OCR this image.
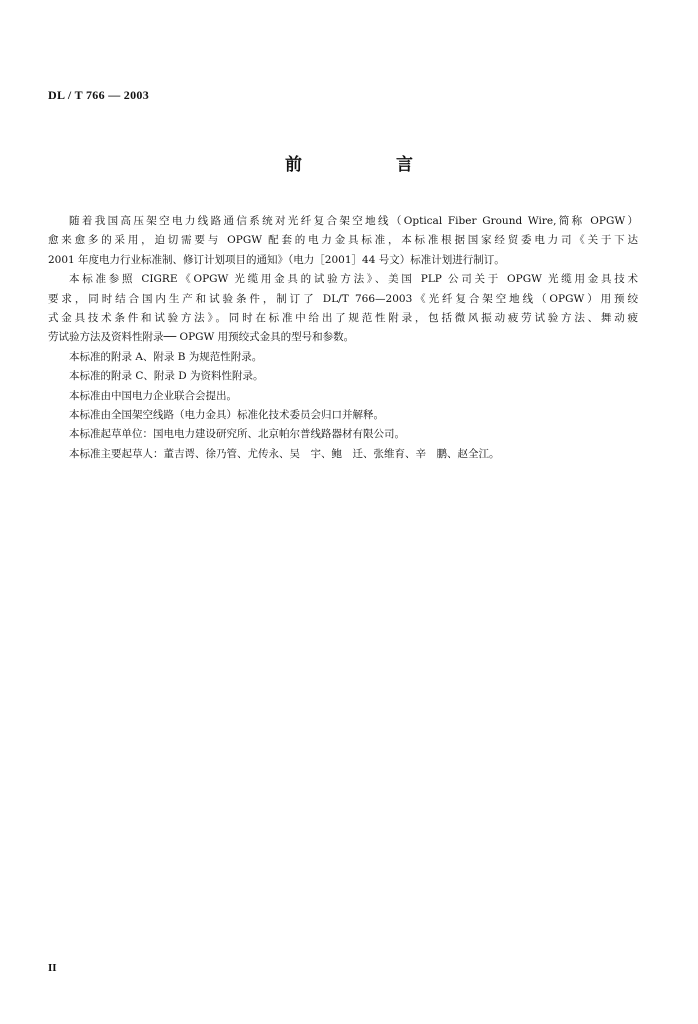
DL / T 766 — 2003
前 言
随着我国高压架空电力线路通信系统对光纤复合架空地线（Optical Fiber Ground Wire,简称 OPGW）
愈来愈多的采用，迫切需要与 OPGW 配套的电力金具标准，本标准根据国家经贸委电力司《关于下达
2001 年度电力行业标准制、修订计划项目的通知》（电力［2001］44 号文）标准计划进行制订。
本标准参照 CIGRE《OPGW 光缆用金具的试验方法》、美国 PLP 公司关于 OPGW 光缆用金具技术
要求，同时结合国内生产和试验条件，制订了 DL/T 766—2003《光纤复合架空地线（OPGW）用预绞
式金具技术条件和试验方法》。同时在标准中给出了规范性附录，包括微风振动疲劳试验方法、舞动疲
劳试验方法及资料性附录── OPGW 用预绞式金具的型号和参数。
本标准的附录 A、附录 B 为规范性附录。
本标准的附录 C、附录 D 为资料性附录。
本标准由中国电力企业联合会提出。
本标准由全国架空线路（电力金具）标准化技术委员会归口并解释。
本标准起草单位：国电电力建设研究所、北京帕尔普线路器材有限公司。
本标准主要起草人：董吉谔、徐乃管、尤传永、吴　宇、鲍　迁、张维育、辛　鹏、赵全江。
II
